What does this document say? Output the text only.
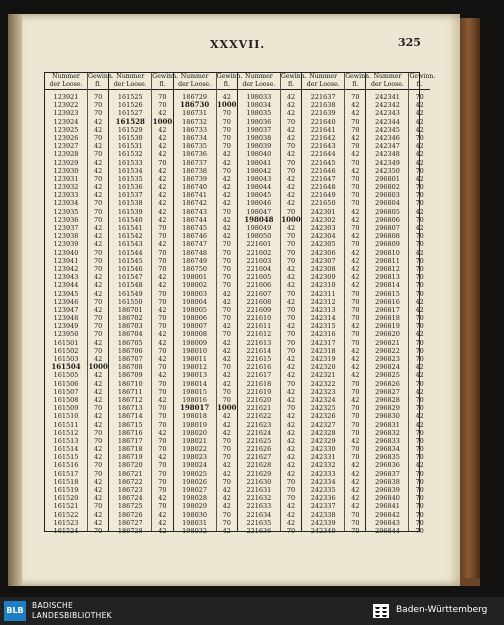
XXXVII.	325
Nummer
der Loose.
123921
123922
123923
123924
123925
123926
123927
123928
123929
123930
123931
123932
123933
123934
123935
123936
123937
123938
123939
123940
123941
123942
123943
123944
123945
123946
123947
123948
123949
123950
161501
161502
161503
161504
161505
161506
161507
161508
161509
161510
161511
161512
161513
161514
161515
161516
161517
161518
161519
161520
161521
161522
161523
161524
Gewinn.
fl.
70
70
70
42
42
70
42
70
42
42
70
42
42
70
70
70
42
42
42
70
70
70
42
42
42
70
42
70
70
70
42
70
42
1000
42
42
42
42
70
42
42
70
70
42
42
70
70
42
42
42
70
42
42
70
Nummer
der Loose.
161525
161526
161527
161528
161529
161530
161531
161532
161533
161534
161535
161536
161537
161538
161539
161540
161541
161542
161543
161544
161545
161546
161547
161548
161549
161550
186701
186702
186703
186704
186705
186706
186707
186708
186709
186710
186711
186712
186713
186714
186715
186716
186717
186718
186719
186720
186721
186722
186723
186724
186725
186726
186727
186728
Gewinn.
fl.
70
70
42
1000
42
42
42
42
70
42
42
42
42
42
42
42
70
70
42
70
70
70
42
42
70
70
42
70
70
42
42
70
42
70
42
70
70
42
70
70
70
42
70
70
42
70
70
70
70
42
70
42
42
42
Nummer
der Loose.
186729
186730
186731
186732
186733
186734
186735
186736
186737
186738
186739
186740
186741
186742
186743
186744
186745
186746
186747
186748
186749
186750
198001
198002
198003
198004
198005
198006
198007
198008
198009
198010
198011
198012
198013
198014
198015
198016
198017
198018
198019
198020
198021
198022
198023
198024
198025
198026
198027
198028
198029
198030
198031
198032
Gewinn.
fl.
42
1000
70
70
70
70
70
42
42
70
42
42
42
42
70
42
42
42
70
70
70
70
70
70
42
42
70
70
42
70
42
42
42
70
42
42
70
70
1000
42
42
42
70
70
70
42
42
70
42
42
42
70
70
42
Nummer
der Loose.
198033
198034
198035
198036
198037
198038
198039
198040
198041
198042
198043
198044
198045
198046
198047
198048
198049
198050
221601
221602
221603
221604
221605
221606
221607
221608
221609
221610
221611
221612
221613
221614
221615
221616
221617
221618
221619
221620
221621
221622
221623
221624
221625
221626
221627
221628
221629
221630
221631
221632
221633
221634
221635
221636
Gewinn.
fl.
42
42
42
70
42
42
70
42
70
70
42
42
42
42
70
1000
42
70
70
70
70
42
42
42
70
42
70
70
42
70
70
70
42
42
42
70
42
42
70
42
42
42
42
42
42
42
42
70
70
70
42
42
42
70
Nummer
der Loose.
221637
221638
221639
221640
221641
221642
221643
221644
221645
221646
221647
221648
221649
221650
242301
242302
242303
242304
242305
242306
242307
242308
242309
242310
242311
242312
242313
242314
242315
242316
242317
242318
242319
242320
242321
242322
242323
242324
242325
242326
242327
242328
242329
242330
242331
242332
242333
242334
242335
242336
242337
242338
242339
242340
Gewinn.
fl.
70
42
42
70
70
42
70
42
70
42
70
70
70
70
42
42
70
42
70
42
42
42
42
42
70
70
70
70
42
70
70
42
42
42
42
70
70
42
70
70
70
70
42
70
70
42
42
42
42
42
42
70
70
70
Nummer
der Loose.
242341
242342
242343
242344
242345
242346
242347
242348
242349
242350
296801
296802
296803
296804
296805
296806
296807
296808
296809
296810
296811
296812
296813
296814
296815
296816
296817
296818
296819
296820
296821
296822
296823
296824
296825
296826
296827
296828
296829
296830
296831
296832
296833
296834
296835
296836
296837
296838
296839
296840
296841
296842
296843
296844
Gewinn.
fl.
70
42
42
42
42
70
42
42
42
70
42
70
70
70
42
70
42
70
70
42
70
70
70
70
70
42
42
70
70
42
70
70
70
42
42
70
42
70
70
42
42
70
70
70
70
42
70
70
70
70
70
70
70
70
BLB
BADISCHE
LANDESBIBLIOTHEK
Baden-Württemberg
